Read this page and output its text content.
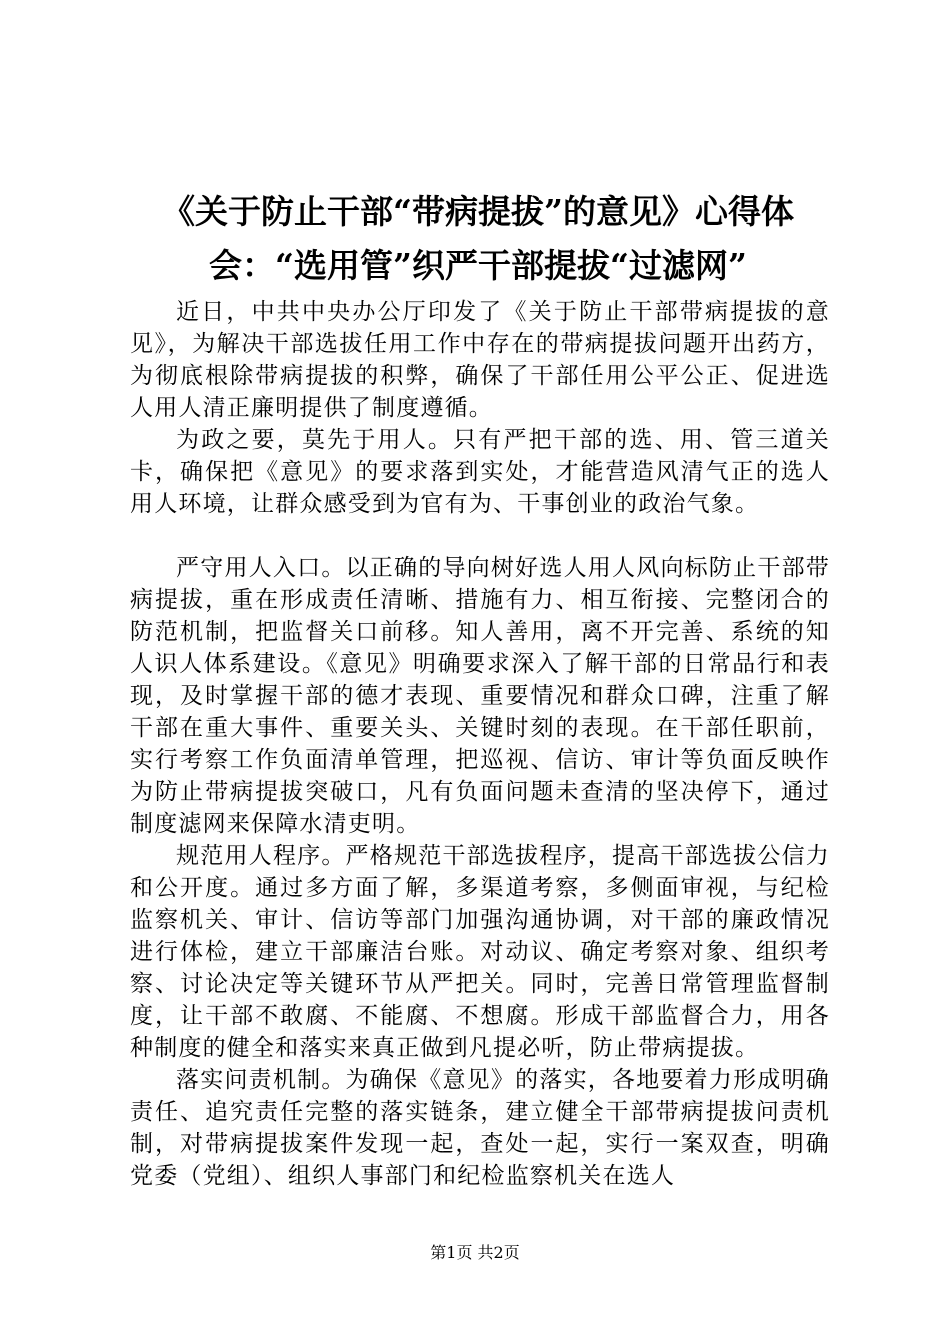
《关于防止干部“带病提拔”的意见》心得体会：“选用管”织严干部提拔“过滤网”

近日，中共中央办公厅印发了《关于防止干部带病提拔的意见》，为解决干部选拔任用工作中存在的带病提拔问题开出药方，为彻底根除带病提拔的积弊，确保了干部任用公平公正、促进选人用人清正廉明提供了制度遵循。

为政之要，莫先于用人。只有严把干部的选、用、管三道关卡，确保把《意见》的要求落到实处，才能营造风清气正的选人用人环境，让群众感受到为官有为、干事创业的政治气象。

严守用人入口。以正确的导向树好选人用人风向标防止干部带病提拔，重在形成责任清晰、措施有力、相互衔接、完整闭合的防范机制，把监督关口前移。知人善用，离不开完善、系统的知人识人体系建设。《意见》明确要求深入了解干部的日常品行和表现，及时掌握干部的德才表现、重要情况和群众口碑，注重了解干部在重大事件、重要关头、关键时刻的表现。在干部任职前，实行考察工作负面清单管理，把巡视、信访、审计等负面反映作为防止带病提拔突破口，凡有负面问题未查清的坚决停下，通过制度滤网来保障水清吏明。

规范用人程序。严格规范干部选拔程序，提高干部选拔公信力和公开度。通过多方面了解，多渠道考察，多侧面审视，与纪检监察机关、审计、信访等部门加强沟通协调，对干部的廉政情况进行体检，建立干部廉洁台账。对动议、确定考察对象、组织考察、讨论决定等关键环节从严把关。同时，完善日常管理监督制度，让干部不敢腐、不能腐、不想腐。形成干部监督合力，用各种制度的健全和落实来真正做到凡提必听，防止带病提拔。

落实问责机制。为确保《意见》的落实，各地要着力形成明确责任、追究责任完整的落实链条，建立健全干部带病提拔问责机制，对带病提拔案件发现一起，查处一起，实行一案双查，明确党委（党组）、组织人事部门和纪检监察机关在选人

第1页 共2页
